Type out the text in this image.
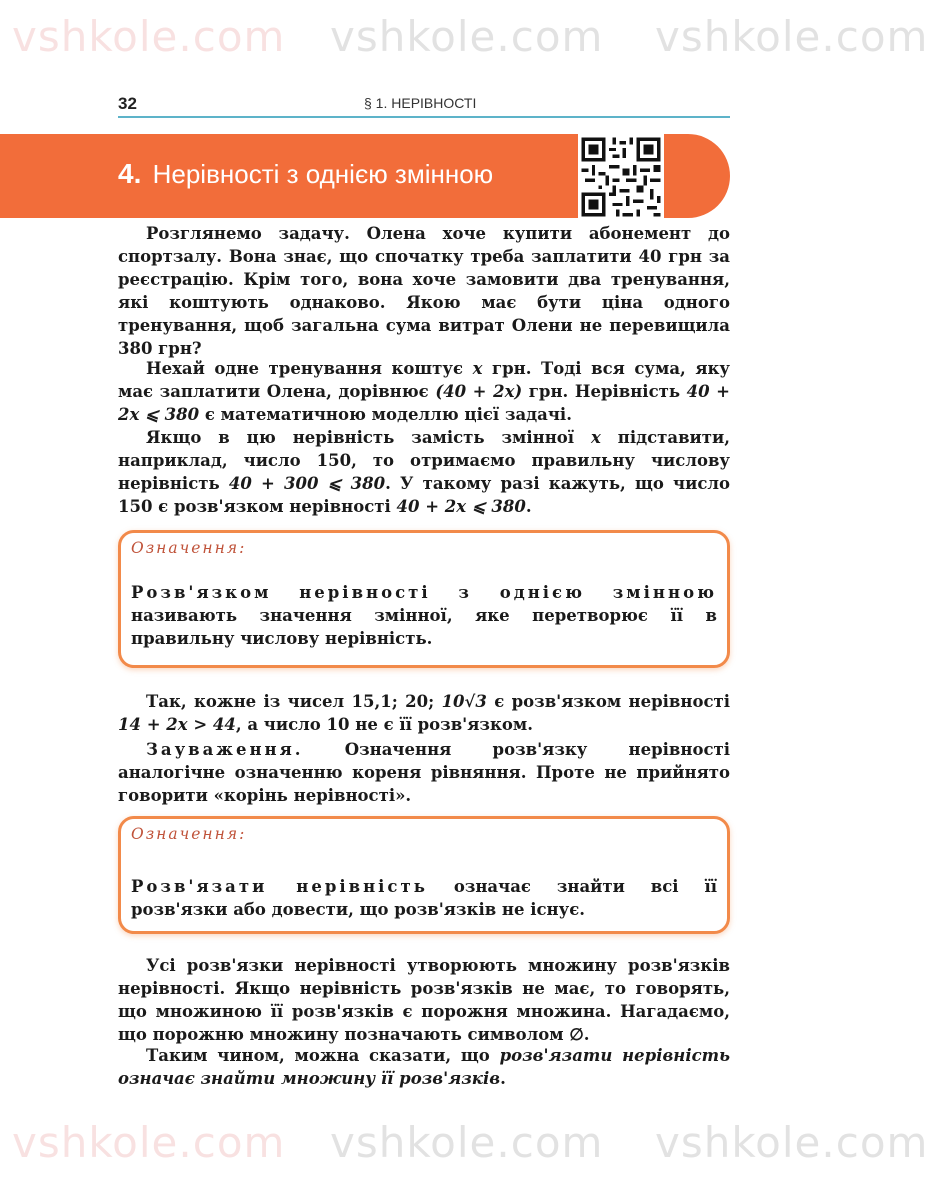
32	§ 1. НЕРІВНОСТІ
4. Нерівності з однією змінною

Розглянемо задачу. Олена хоче купити абонемент до спортзалу. Вона знає, що спочатку треба заплатити 40 грн за реєстрацію. Крім того, вона хоче замовити два тренування, які коштують однаково. Якою має бути ціна одного тренування, щоб загальна сума витрат Олени не перевищила 380 грн?

Нехай одне тренування коштує x грн. Тоді вся сума, яку має заплатити Олена, дорівнює (40 + 2x) грн. Нерівність 40 + 2x ⩽ 380 є математичною моделлю цієї задачі.

Якщо в цю нерівність замість змінної x підставити, наприклад, число 150, то отримаємо правильну числову нерівність 40 + 300 ⩽ 380. У такому разі кажуть, що число 150 є розв'язком нерівності 40 + 2x ⩽ 380.

Означення:
Розв'язком нерівності з однією змінною називають значення змінної, яке перетворює її в правильну числову нерівність.

Так, кожне із чисел 15,1; 20; 10√3 є розв'язком нерівності 14 + 2x > 44, а число 10 не є її розв'язком.

Зауваження. Означення розв'язку нерівності аналогічне означенню кореня рівняння. Проте не прийнято говорити «корінь нерівності».

Означення:
Розв'язати нерівність означає знайти всі її розв'язки або довести, що розв'язків не існує.

Усі розв'язки нерівності утворюють множину розв'язків нерівності. Якщо нерівність розв'язків не має, то говорять, що множиною її розв'язків є порожня множина. Нагадаємо, що порожню множину позначають символом ∅.

Таким чином, можна сказати, що розв'язати нерівність означає знайти множину її розв'язків.

vshkole.com vshkole.com vshkole.com
vshkole.com vshkole.com vshkole.com
